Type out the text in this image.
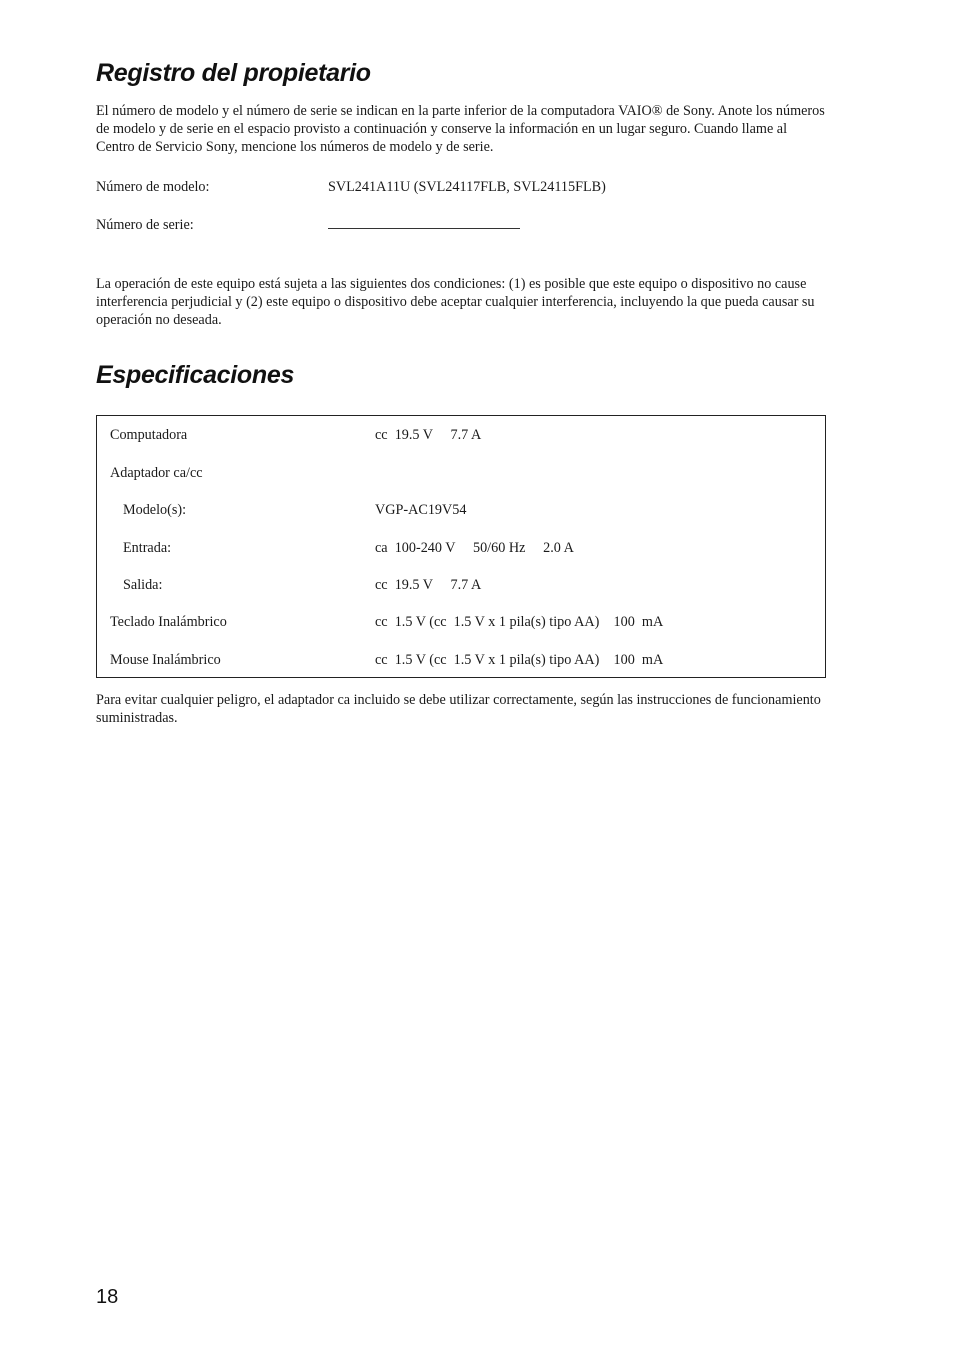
Registro del propietario

El número de modelo y el número de serie se indican en la parte inferior de la computadora VAIO® de Sony. Anote los números de modelo y de serie en el espacio provisto a continuación y conserve la información en un lugar seguro. Cuando llame al Centro de Servicio Sony, mencione los números de modelo y de serie.

Número de modelo:	SVL241A11U (SVL24117FLB, SVL24115FLB)
Número de serie:

La operación de este equipo está sujeta a las siguientes dos condiciones: (1) es posible que este equipo o dispositivo no cause interferencia perjudicial y (2) este equipo o dispositivo debe aceptar cualquier interferencia, incluyendo la que pueda causar su operación no deseada.

Especificaciones
Computadora	cc  19.5 V     7.7 A
Adaptador ca/cc
Modelo(s):	VGP-AC19V54
Entrada:	ca  100-240 V     50/60 Hz     2.0 A
Salida:	cc  19.5 V     7.7 A
Teclado Inalámbrico	cc  1.5 V (cc  1.5 V x 1 pila(s) tipo AA)    100  mA
Mouse Inalámbrico	cc  1.5 V (cc  1.5 V x 1 pila(s) tipo AA)    100  mA

Para evitar cualquier peligro, el adaptador ca incluido se debe utilizar correctamente, según las instrucciones de funcionamiento suministradas.

18
